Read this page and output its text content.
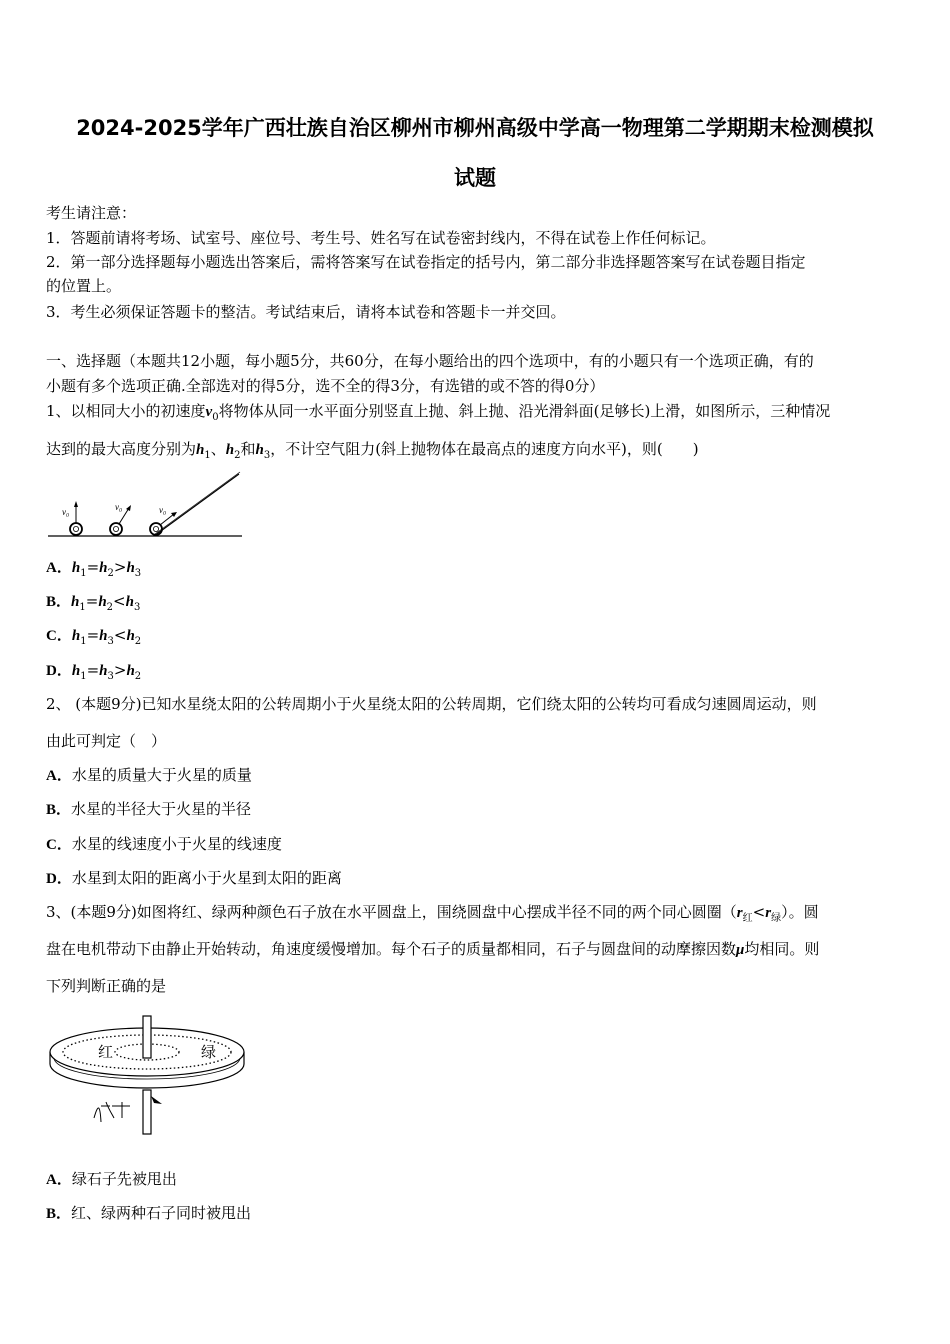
2024-2025学年广西壮族自治区柳州市柳州高级中学高一物理第二学期期末检测模拟
试题
考生请注意：
1．答题前请将考场、试室号、座位号、考生号、姓名写在试卷密封线内，不得在试卷上作任何标记。
2．第一部分选择题每小题选出答案后，需将答案写在试卷指定的括号内，第二部分非选择题答案写在试卷题目指定
的位置上。
3．考生必须保证答题卡的整洁。考试结束后，请将本试卷和答题卡一并交回。
一、选择题（本题共12小题，每小题5分，共60分，在每小题给出的四个选项中，有的小题只有一个选项正确，有的
小题有多个选项正确.全部选对的得5分，选不全的得3分，有选错的或不答的得0分）
1、以相同大小的初速度$v_0$将物体从同一水平面分别竖直上抛、斜上抛、沿光滑斜面(足够长)上滑，如图所示，三种情况
达到的最大高度分别为$h_1$、$h_2$和$h_3$，不计空气阻力(斜上抛物体在最高点的速度方向水平)，则(　　)
v₀	v₀	v₀
A．$h_1=h_2>h_3$
B．$h_1=h_2<h_3$
C．$h_1=h_3<h_2$
D．$h_1=h_3>h_2$
2、 (本题9分)已知水星绕太阳的公转周期小于火星绕太阳的公转周期，它们绕太阳的公转均可看成匀速圆周运动，则
由此可判定（　）
A．水星的质量大于火星的质量
B．水星的半径大于火星的半径
C．水星的线速度小于火星的线速度
D．水星到太阳的距离小于火星到太阳的距离
3、(本题9分)如图将红、绿两种颜色石子放在水平圆盘上，围绕圆盘中心摆成半径不同的两个同心圆圈$(r_红<r_绿)$。圆
盘在电机带动下由静止开始转动，角速度缓慢增加。每个石子的质量都相同，石子与圆盘间的动摩擦因数μ均相同。则
下列判断正确的是
红	绿
A．绿石子先被甩出
B．红、绿两种石子同时被甩出
